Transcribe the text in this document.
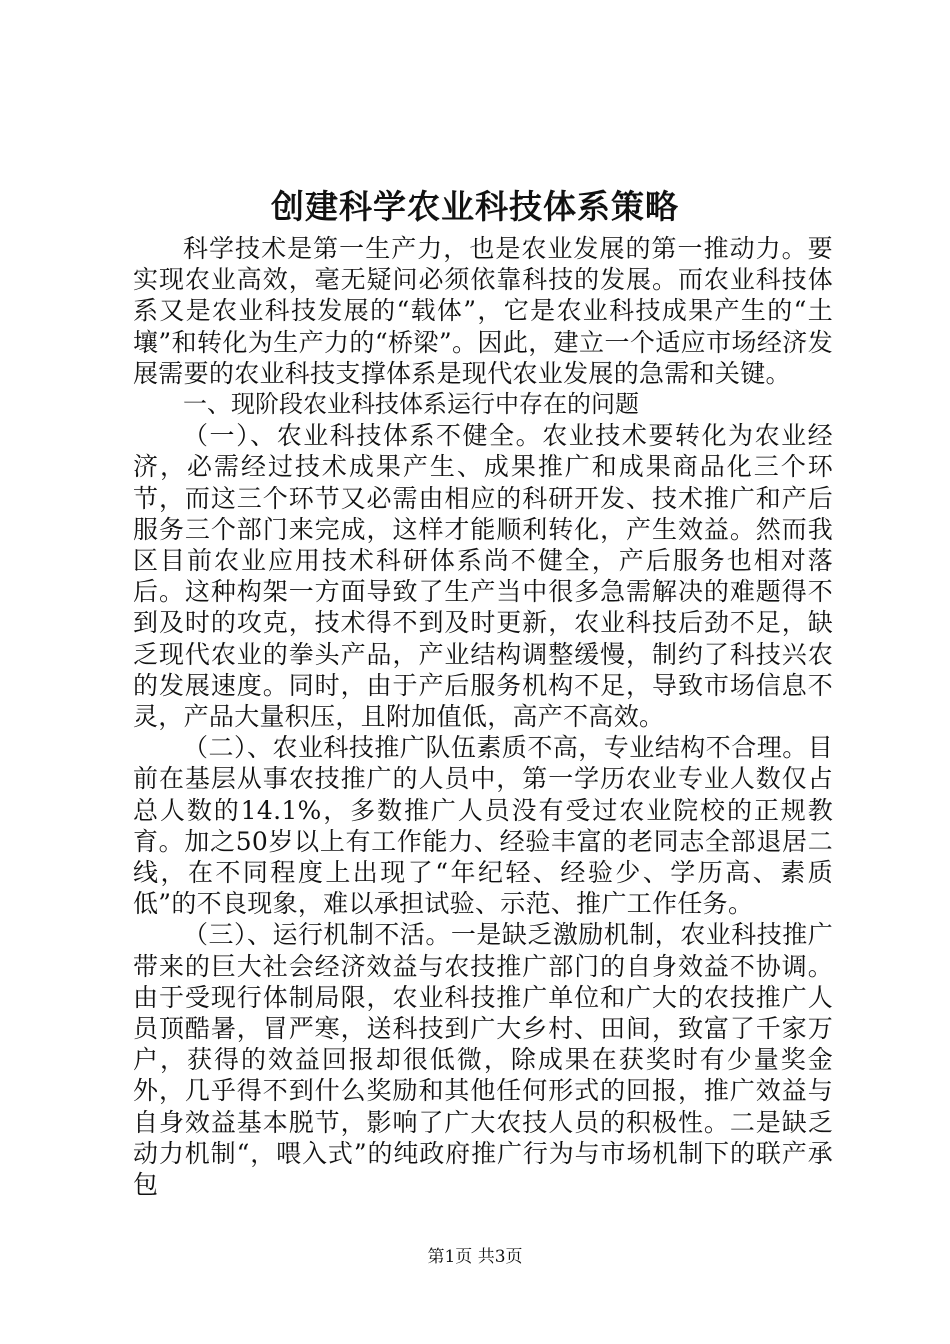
创建科学农业科技体系策略

科学技术是第一生产力，也是农业发展的第一推动力。要实现农业高效，毫无疑问必须依靠科技的发展。而农业科技体系又是农业科技发展的“载体”，它是农业科技成果产生的“土壤”和转化为生产力的“桥梁”。因此，建立一个适应市场经济发展需要的农业科技支撑体系是现代农业发展的急需和关键。

一、现阶段农业科技体系运行中存在的问题

（一）、农业科技体系不健全。农业技术要转化为农业经济，必需经过技术成果产生、成果推广和成果商品化三个环节，而这三个环节又必需由相应的科研开发、技术推广和产后服务三个部门来完成，这样才能顺利转化，产生效益。然而我区目前农业应用技术科研体系尚不健全，产后服务也相对落后。这种构架一方面导致了生产当中很多急需解决的难题得不到及时的攻克，技术得不到及时更新，农业科技后劲不足，缺乏现代农业的拳头产品，产业结构调整缓慢，制约了科技兴农的发展速度。同时，由于产后服务机构不足，导致市场信息不灵，产品大量积压，且附加值低，高产不高效。

（二）、农业科技推广队伍素质不高，专业结构不合理。目前在基层从事农技推广的人员中，第一学历农业专业人数仅占总人数的14.1%，多数推广人员没有受过农业院校的正规教育。加之50岁以上有工作能力、经验丰富的老同志全部退居二线，在不同程度上出现了“年纪轻、经验少、学历高、素质低”的不良现象，难以承担试验、示范、推广工作任务。

（三）、运行机制不活。一是缺乏激励机制，农业科技推广带来的巨大社会经济效益与农技推广部门的自身效益不协调。由于受现行体制局限，农业科技推广单位和广大的农技推广人员顶酷暑，冒严寒，送科技到广大乡村、田间，致富了千家万户，获得的效益回报却很低微，除成果在获奖时有少量奖金外，几乎得不到什么奖励和其他任何形式的回报，推广效益与自身效益基本脱节，影响了广大农技人员的积极性。二是缺乏动力机制“，喂入式”的纯政府推广行为与市场机制下的联产承包

第1页 共3页
